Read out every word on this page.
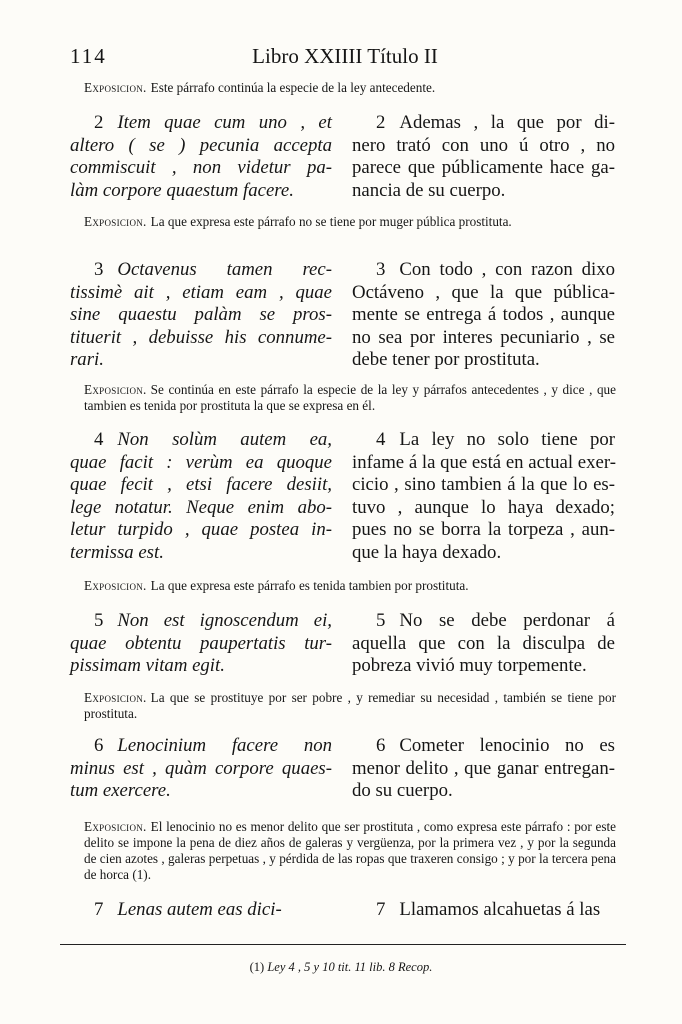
114	Libro XXIIII Título II
Exposicion. Este párrafo continúa la especie de la ley antecedente.
2 Item quae cum uno , et
altero ( se ) pecunia accepta
commiscuit , non videtur pa-
làm corpore quaestum facere.
2 Ademas , la que por di-
nero trató con uno ú otro , no
parece que públicamente hace ga-
nancia de su cuerpo.
Exposicion. La que expresa este párrafo no se tiene por muger pública prostituta.
3 Octavenus tamen rec-
tissimè ait , etiam eam , quae
sine quaestu palàm se pros-
tituerit , debuisse his connume-
rari.
3 Con todo , con razon dixo
Octáveno , que la que pública-
mente se entrega á todos , aunque
no sea por interes pecuniario , se
debe tener por prostituta.
Exposicion. Se continúa en este párrafo la especie de la ley y párrafos antecedentes , y dice , que tambien es tenida por prostituta la que se expresa en él.
4 Non solùm autem ea,
quae facit : verùm ea quoque
quae fecit , etsi facere desiit,
lege notatur. Neque enim abo-
letur turpido , quae postea in-
termissa est.
4 La ley no solo tiene por
infame á la que está en actual exer-
cicio , sino tambien á la que lo es-
tuvo , aunque lo haya dexado;
pues no se borra la torpeza , aun-
que la haya dexado.
Exposicion. La que expresa este párrafo es tenida tambien por prostituta.
5 Non est ignoscendum ei,
quae obtentu paupertatis tur-
pissimam vitam egit.
5 No se debe perdonar á
aquella que con la disculpa de
pobreza vivió muy torpemente.
Exposicion. La que se prostituye por ser pobre , y remediar su necesidad , también se tiene por prostituta.
6 Lenocinium facere non
minus est , quàm corpore quaes-
tum exercere.
6 Cometer lenocinio no es
menor delito , que ganar entregan-
do su cuerpo.
Exposicion. El lenocinio no es menor delito que ser prostituta , como expresa este párrafo : por este delito se impone la pena de diez años de galeras y vergüenza, por la primera vez , y por la segunda de cien azotes , galeras perpetuas , y pérdida de las ropas que traxeren consigo ; y por la tercera pena de horca (1).
7 Lenas autem eas dici-	7 Llamamos alcahuetas á las
(1) Ley 4 , 5 y 10 tit. 11 lib. 8 Recop.
